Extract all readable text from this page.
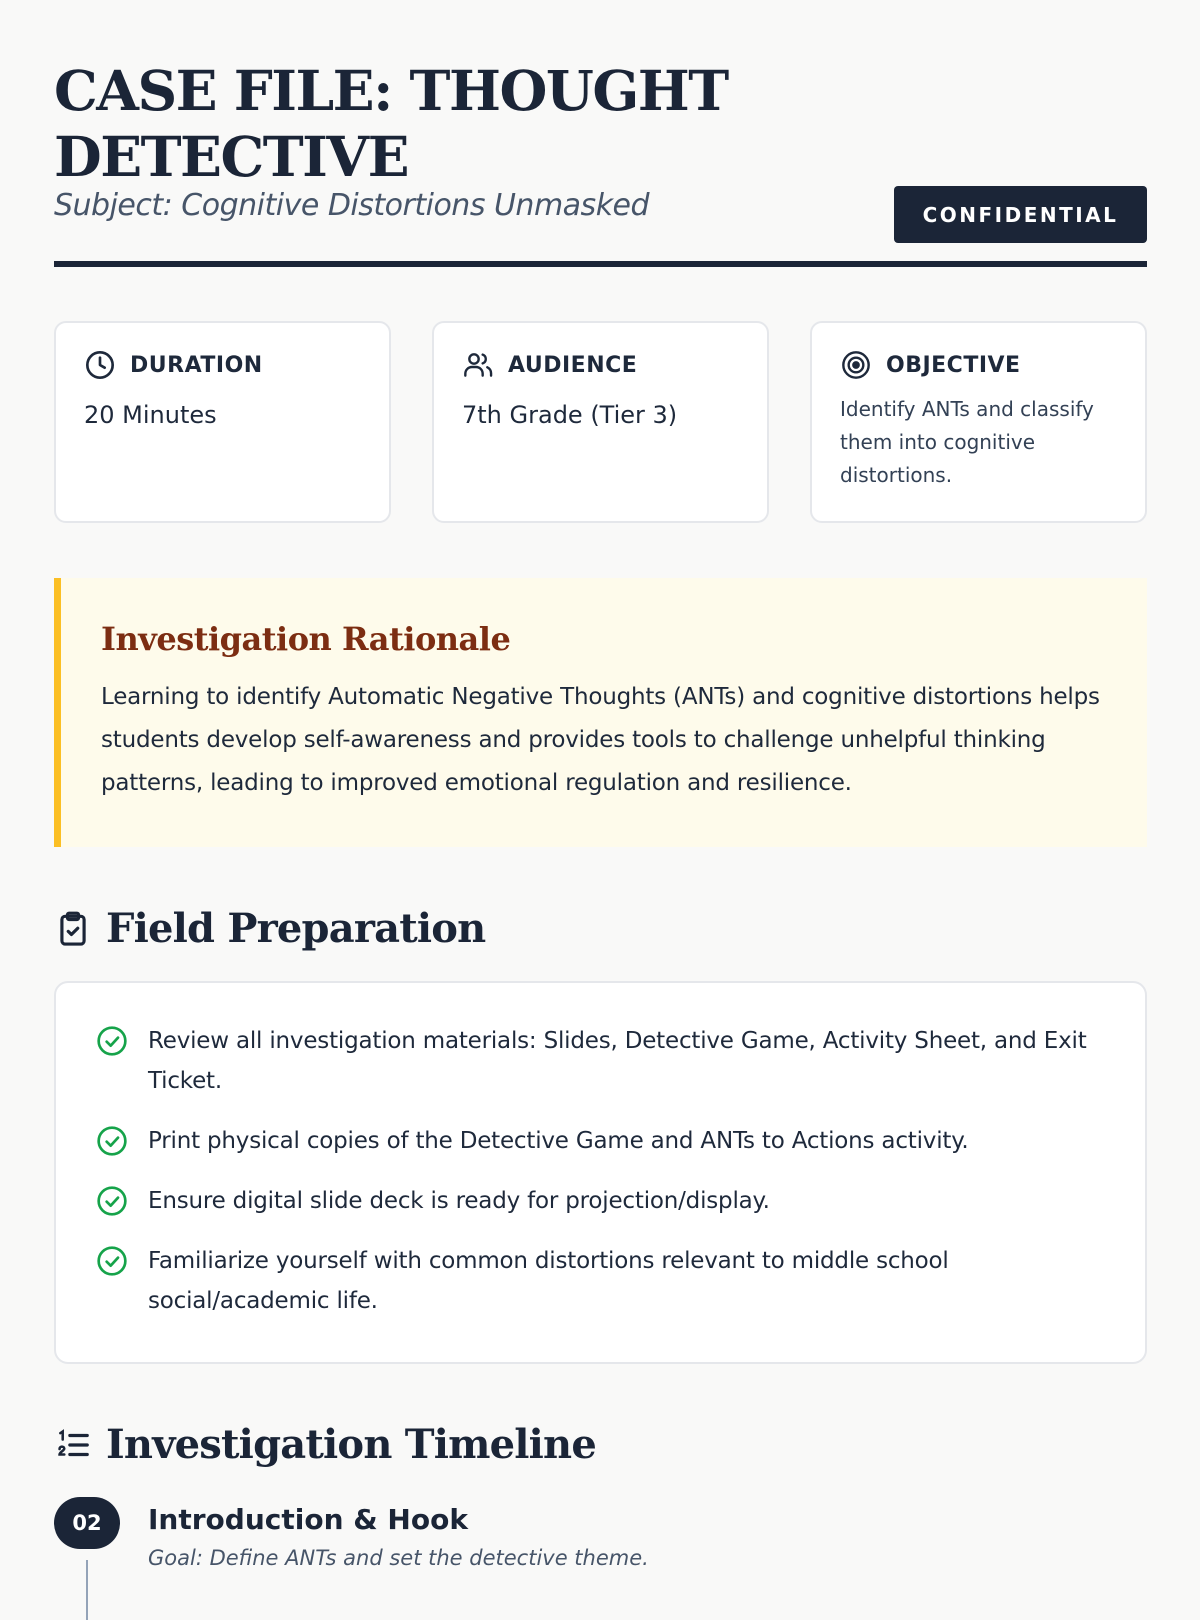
CASE FILE: THOUGHT DETECTIVE
Subject: Cognitive Distortions Unmasked	CONFIDENTIAL
DURATION
20 Minutes
AUDIENCE
7th Grade (Tier 3)
OBJECTIVE
Identify ANTs and classify them into cognitive distortions.
Investigation Rationale

Learning to identify Automatic Negative Thoughts (ANTs) and cognitive distortions helps students develop self-awareness and provides tools to challenge unhelpful thinking patterns, leading to improved emotional regulation and resilience.

Field Preparation
Review all investigation materials: Slides, Detective Game, Activity Sheet, and Exit Ticket.
Print physical copies of the Detective Game and ANTs to Actions activity.
Ensure digital slide deck is ready for projection/display.
Familiarize yourself with common distortions relevant to middle school social/academic life.
Investigation Timeline
02	Introduction & Hook
Goal: Define ANTs and set the detective theme.
